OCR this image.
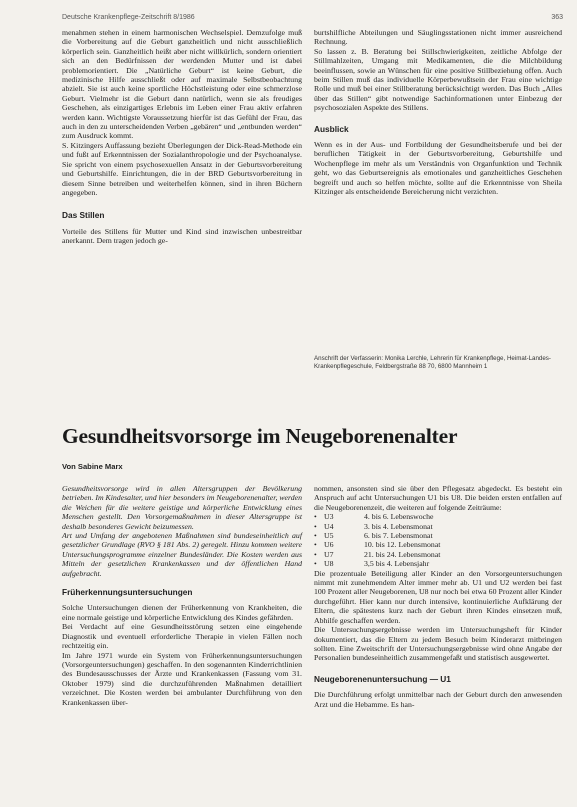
Deutsche Krankenpflege-Zeitschrift 8/1986	363

menahmen stehen in einem harmonischen Wechselspiel. Demzufolge muß die Vorbereitung auf die Geburt ganzheitlich und nicht ausschließlich körperlich sein. Ganzheitlich heißt aber nicht willkürlich, sondern orientiert sich an den Bedürfnissen der werdenden Mutter und ist dabei problemorientiert. Die „Natürliche Geburt“ ist keine Geburt, die medizinische Hilfe ausschließt oder auf maximale Selbstbeobachtung abzielt. Sie ist auch keine sportliche Höchstleistung oder eine schmerzlose Geburt. Vielmehr ist die Geburt dann natürlich, wenn sie als freudiges Geschehen, als einzigartiges Erlebnis im Leben einer Frau aktiv erfahren werden kann. Wichtigste Voraussetzung hierfür ist das Gefühl der Frau, das auch in den zu unterscheidenden Verben „gebären“ und „entbunden werden“ zum Ausdruck kommt.

S. Kitzingers Auffassung bezieht Überlegungen der Dick-Read-Methode ein und fußt auf Erkenntnissen der Sozialanthropologie und der Psychoanalyse. Sie spricht von einem psychosexuellen Ansatz in der Geburtsvorbereitung und Geburtshilfe. Einrichtungen, die in der BRD Geburtsvorbereitung in diesem Sinne betreiben und weiterhelfen können, sind in ihren Büchern angegeben.

Das Stillen

Vorteile des Stillens für Mutter und Kind sind inzwischen unbestreitbar anerkannt. Dem tragen jedoch ge-

burtshilfliche Abteilungen und Säuglingsstationen nicht immer ausreichend Rechnung.

So lassen z. B. Beratung bei Stillschwierigkeiten, zeitliche Abfolge der Stillmahlzeiten, Umgang mit Medikamenten, die die Milchbildung beeinflussen, sowie an Wünschen für eine positive Stillbeziehung offen. Auch beim Stillen muß das individuelle Körperbewußtsein der Frau eine wichtige Rolle und muß bei einer Stillberatung berücksichtigt werden. Das Buch „Alles über das Stillen“ gibt notwendige Sachinformationen unter Einbezug der psychosozialen Aspekte des Stillens.

Ausblick

Wenn es in der Aus- und Fortbildung der Gesundheitsberufe und bei der beruflichen Tätigkeit in der Geburtsvorbereitung, Geburtshilfe und Wochenpflege im mehr als um Verständnis von Organfunktion und Technik geht, wo das Geburtsereignis als emotionales und ganzheitliches Geschehen begreift und auch so helfen möchte, sollte auf die Erkenntnisse von Sheila Kitzinger als entscheidende Bereicherung nicht verzichten.

Anschrift der Verfasserin: Monika Lerchle, Lehrerin für Krankenpflege, Heimat-Landes-Krankenpflegeschule, Feldbergstraße 88 70, 6800 Mannheim 1
Gesundheitsvorsorge im Neugeborenenalter
Von Sabine Marx

Gesundheitsvorsorge wird in allen Altersgruppen der Bevölkerung betrieben. Im Kindesalter, und hier besonders im Neugeborenenalter, werden die Weichen für die weitere geistige und körperliche Entwicklung eines Menschen gestellt. Den Vorsorgemaßnahmen in dieser Altersgruppe ist deshalb besonderes Gewicht beizumessen.

Art und Umfang der angebotenen Maßnahmen sind bundeseinheitlich auf gesetzlicher Grundlage (RVO § 181 Abs. 2) geregelt. Hinzu kommen weitere Untersuchungsprogramme einzelner Bundesländer. Die Kosten werden aus Mitteln der gesetzlichen Krankenkassen und der öffentlichen Hand aufgebracht.

Früherkennungsuntersuchungen

Solche Untersuchungen dienen der Früherkennung von Krankheiten, die eine normale geistige und körperliche Entwicklung des Kindes gefährden.

Bei Verdacht auf eine Gesundheitsstörung setzen eine eingehende Diagnostik und eventuell erforderliche Therapie in vielen Fällen noch rechtzeitig ein.

Im Jahre 1971 wurde ein System von Früherkennungsuntersuchungen (Vorsorgeuntersuchungen) geschaffen. In den sogenannten Kinderrichtlinien des Bundesausschusses der Ärzte und Krankenkassen (Fassung vom 31. Oktober 1979) sind die durchzuführenden Maßnahmen detailliert verzeichnet. Die Kosten werden bei ambulanter Durchführung von den Krankenkassen über-

nommen, ansonsten sind sie über den Pflegesatz abgedeckt. Es besteht ein Anspruch auf acht Untersuchungen U1 bis U8. Die beiden ersten entfallen auf die Neugeborenenzeit, die weiteren auf folgende Zeiträume:

• U3	4. bis 6. Lebenswoche
• U4	3. bis 4. Lebensmonat
• U5	6. bis 7. Lebensmonat
• U6	10. bis 12. Lebensmonat
• U7	21. bis 24. Lebensmonat
• U8	3,5 bis 4. Lebensjahr

Die prozentuale Beteiligung aller Kinder an den Vorsorgeuntersuchungen nimmt mit zunehmendem Alter immer mehr ab. U1 und U2 werden bei fast 100 Prozent aller Neugeborenen, U8 nur noch bei etwa 60 Prozent aller Kinder durchgeführt. Hier kann nur durch intensive, kontinuierliche Aufklärung der Eltern, die spätestens kurz nach der Geburt ihren Kindes einsetzen muß, Abhilfe geschaffen werden.

Die Untersuchungsergebnisse werden im Untersuchungsheft für Kinder dokumentiert, das die Eltern zu jedem Besuch beim Kinderarzt mitbringen sollten. Eine Zweitschrift der Untersuchungsergebnisse wird ohne Angabe der Personalien bundeseinheitlich zusammengefaßt und statistisch ausgewertet.

Neugeborenenuntersuchung — U1

Die Durchführung erfolgt unmittelbar nach der Geburt durch den anwesenden Arzt und die Hebamme. Es han-
